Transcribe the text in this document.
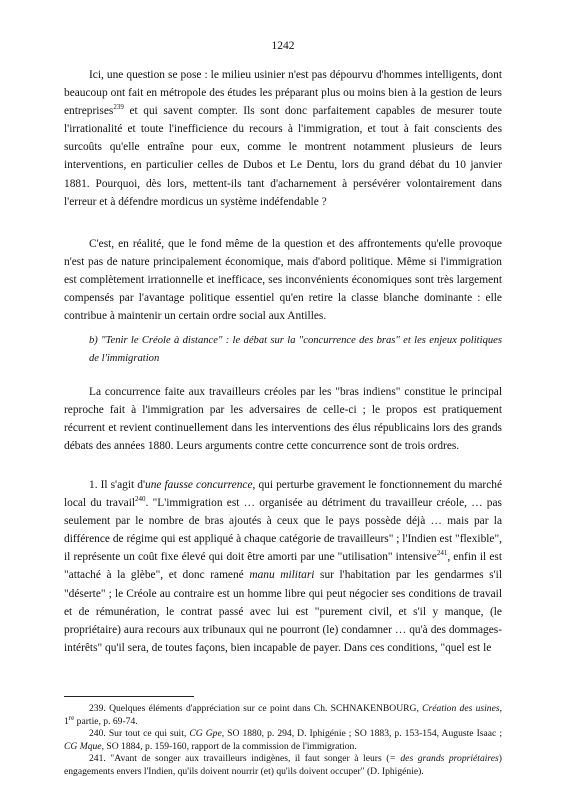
1242

Ici, une question se pose : le milieu usinier n'est pas dépourvu d'hommes intelligents, dont beaucoup ont fait en métropole des études les préparant plus ou moins bien à la gestion de leurs entreprises$^{239}$ et qui savent compter. Ils sont donc parfaitement capables de mesurer toute l'irrationalité et toute l'inefficience du recours à l'immigration, et tout à fait conscients des surcoûts qu'elle entraîne pour eux, comme le montrent notamment plusieurs de leurs interventions, en particulier celles de Dubos et Le Dentu, lors du grand débat du 10 janvier 1881. Pourquoi, dès lors, mettent-ils tant d'acharnement à persévérer volontairement dans l'erreur et à défendre mordicus un système indéfendable ?

C'est, en réalité, que le fond même de la question et des affrontements qu'elle provoque n'est pas de nature principalement économique, mais d'abord politique. Même si l'immigration est complètement irrationnelle et inefficace, ses inconvénients économiques sont très largement compensés par l'avantage politique essentiel qu'en retire la classe blanche dominante : elle contribue à maintenir un certain ordre social aux Antilles.

b) "Tenir le Créole à distance" : le débat sur la "concurrence des bras" et les enjeux politiques de l'immigration

La concurrence faite aux travailleurs créoles par les "bras indiens" constitue le principal reproche fait à l'immigration par les adversaires de celle-ci ; le propos est pratiquement récurrent et revient continuellement dans les interventions des élus républicains lors des grands débats des années 1880. Leurs arguments contre cette concurrence sont de trois ordres.

1. Il s'agit d'une fausse concurrence, qui perturbe gravement le fonctionnement du marché local du travail$^{240}$. "L'immigration est … organisée au détriment du travailleur créole, … pas seulement par le nombre de bras ajoutés à ceux que le pays possède déjà … mais par la différence de régime qui est appliqué à chaque catégorie de travailleurs" ; l'Indien est "flexible", il représente un coût fixe élevé qui doit être amorti par une "utilisation" intensive$^{241}$, enfin il est "attaché à la glèbe", et donc ramené manu militari sur l'habitation par les gendarmes s'il "déserte" ; le Créole au contraire est un homme libre qui peut négocier ses conditions de travail et de rémunération, le contrat passé avec lui est "purement civil, et s'il y manque, (le propriétaire) aura recours aux tribunaux qui ne pourront (le) condamner … qu'à des dommages-intérêts" qu'il sera, de toutes façons, bien incapable de payer. Dans ces conditions, "quel est le

239. Quelques éléments d'appréciation sur ce point dans Ch. SCHNAKENBOURG, Création des usines, 1re partie, p. 69-74.

240. Sur tout ce qui suit, CG Gpe, SO 1880, p. 294, D. Iphigénie ; SO 1883, p. 153-154, Auguste Isaac ; CG Mque, SO 1884, p. 159-160, rapport de la commission de l'immigration.

241. "Avant de songer aux travailleurs indigènes, il faut songer à leurs (= des grands propriétaires) engagements envers l'Indien, qu'ils doivent nourrir (et) qu'ils doivent occuper" (D. Iphigénie).
